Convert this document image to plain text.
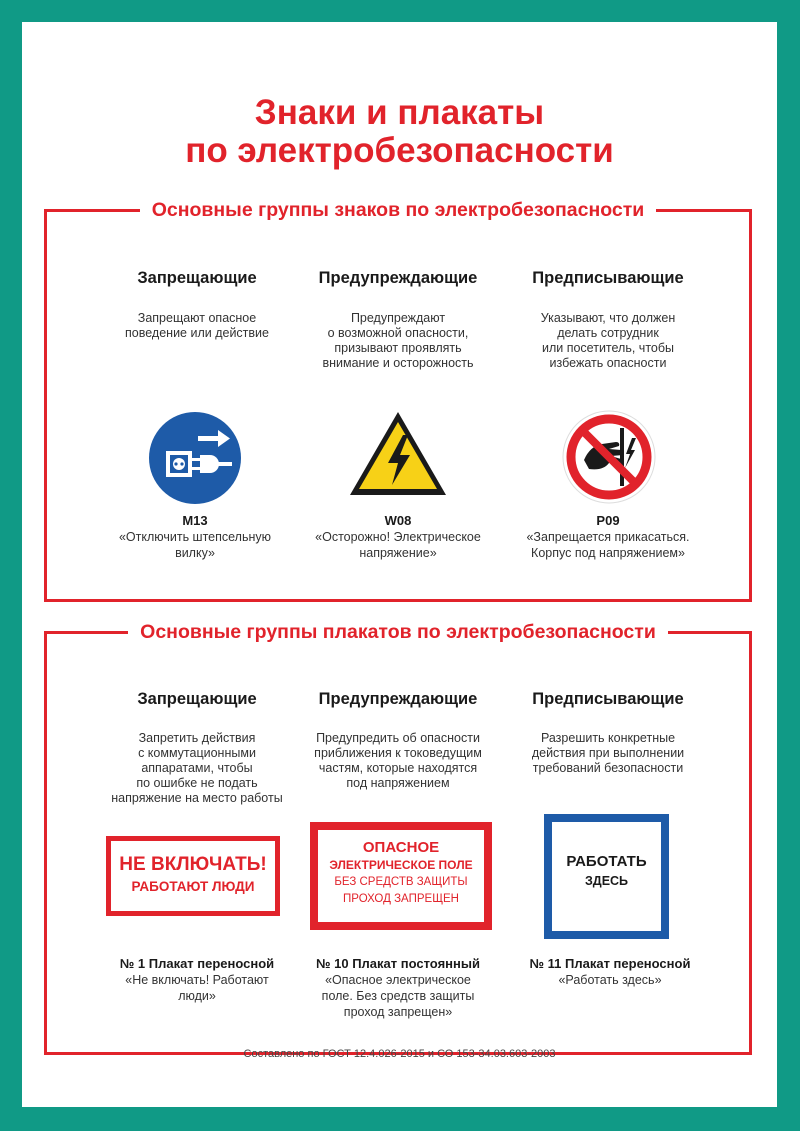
Знаки и плакаты
по электробезопасности
Основные группы знаков по электробезопасности
Запрещающие
Запрещают опасное
поведение или действие
М13
«Отключить штепсельную
вилку»
Предупреждающие
Предупреждают
о возможной опасности,
призывают проявлять
внимание и осторожность
W08
«Осторожно! Электрическое
напряжение»
Предписывающие
Указывают, что должен
делать сотрудник
или посетитель, чтобы
избежать опасности
Р09
«Запрещается прикасаться.
Корпус под напряжением»
Основные группы плакатов по электробезопасности
Запрещающие
Запретить действия
с коммутационными
аппаратами, чтобы
по ошибке не подать
напряжение на место работы
НЕ ВКЛЮЧАТЬ!
РАБОТАЮТ ЛЮДИ
№ 1 Плакат переносной
«Не включать! Работают
люди»
Предупреждающие
Предупредить об опасности
приближения к токоведущим
частям, которые находятся
под напряжением
ОПАСНОЕ
ЭЛЕКТРИЧЕСКОЕ ПОЛЕ
БЕЗ СРЕДСТВ ЗАЩИТЫ
ПРОХОД ЗАПРЕЩЕН
№ 10 Плакат постоянный
«Опасное электрическое
поле. Без средств защиты
проход запрещен»
Предписывающие
Разрешить конкретные
действия при выполнении
требований безопасности
РАБОТАТЬ
ЗДЕСЬ
№ 11 Плакат переносной
«Работать здесь»
Составлено по ГОСТ 12.4.026-2015 и СО 153-34.03.603-2003
